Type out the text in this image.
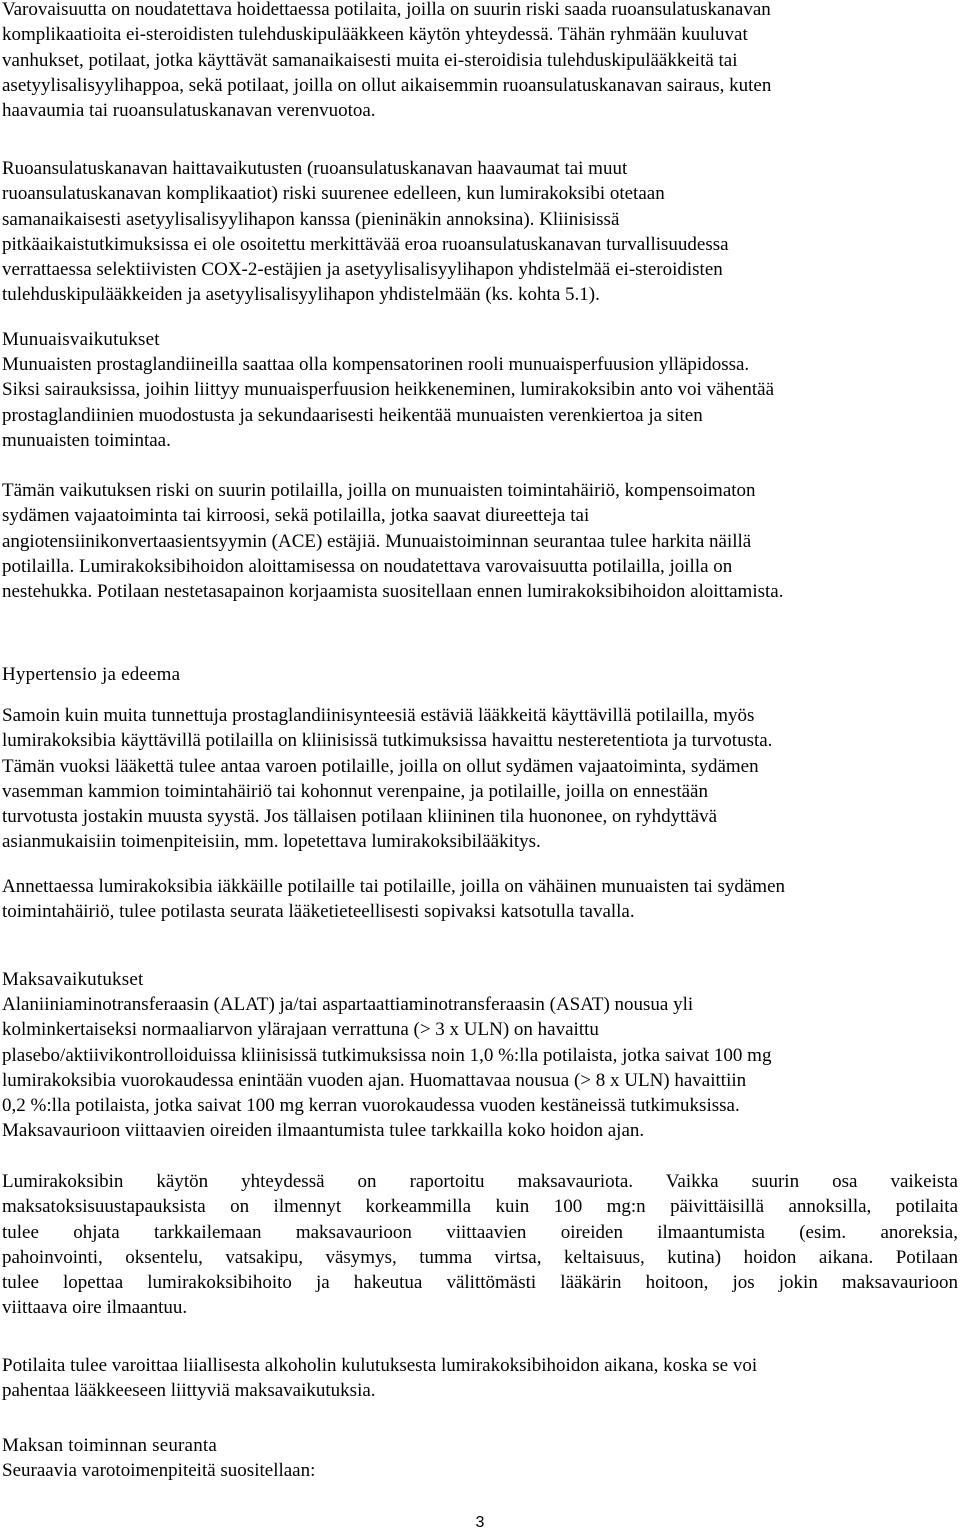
Varovaisuutta on noudatettava hoidettaessa potilaita, joilla on suurin riski saada ruoansulatuskanavan
komplikaatioita ei-steroidisten tulehduskipulääkkeen käytön yhteydessä. Tähän ryhmään kuuluvat
vanhukset, potilaat, jotka käyttävät samanaikaisesti muita ei-steroidisia tulehduskipulääkkeitä tai
asetyylisalisyylihappoa, sekä potilaat, joilla on ollut aikaisemmin ruoansulatuskanavan sairaus, kuten
haavaumia tai ruoansulatuskanavan verenvuotoa.

Ruoansulatuskanavan haittavaikutusten (ruoansulatuskanavan haavaumat tai muut
ruoansulatuskanavan komplikaatiot) riski suurenee edelleen, kun lumirakoksibi otetaan
samanaikaisesti asetyylisalisyylihapon kanssa (pieninäkin annoksina). Kliinisissä
pitkäaikaistutkimuksissa ei ole osoitettu merkittävää eroa ruoansulatuskanavan turvallisuudessa
verrattaessa selektiivisten COX-2-estäjien ja asetyylisalisyylihapon yhdistelmää ei-steroidisten
tulehduskipulääkkeiden ja asetyylisalisyylihapon yhdistelmään (ks. kohta 5.1).

Munuaisvaikutukset

Munuaisten prostaglandiineilla saattaa olla kompensatorinen rooli munuaisperfuusion ylläpidossa.
Siksi sairauksissa, joihin liittyy munuaisperfuusion heikkeneminen, lumirakoksibin anto voi vähentää
prostaglandiinien muodostusta ja sekundaarisesti heikentää munuaisten verenkiertoa ja siten
munuaisten toimintaa.

Tämän vaikutuksen riski on suurin potilailla, joilla on munuaisten toimintahäiriö, kompensoimaton
sydämen vajaatoiminta tai kirroosi, sekä potilailla, jotka saavat diureetteja tai
angiotensiinikonvertaasientsyymin (ACE) estäjiä. Munuaistoiminnan seurantaa tulee harkita näillä
potilailla. Lumirakoksibihoidon aloittamisessa on noudatettava varovaisuutta potilailla, joilla on
nestehukka. Potilaan nestetasapainon korjaamista suositellaan ennen lumirakoksibihoidon aloittamista.

Hypertensio ja edeema

Samoin kuin muita tunnettuja prostaglandiinisynteesiä estäviä lääkkeitä käyttävillä potilailla, myös
lumirakoksibia käyttävillä potilailla on kliinisissä tutkimuksissa havaittu nesteretentiota ja turvotusta.
Tämän vuoksi lääkettä tulee antaa varoen potilaille, joilla on ollut sydämen vajaatoiminta, sydämen
vasemman kammion toimintahäiriö tai kohonnut verenpaine, ja potilaille, joilla on ennestään
turvotusta jostakin muusta syystä. Jos tällaisen potilaan kliininen tila huononee, on ryhdyttävä
asianmukaisiin toimenpiteisiin, mm. lopetettava lumirakoksibilääkitys.

Annettaessa lumirakoksibia iäkkäille potilaille tai potilaille, joilla on vähäinen munuaisten tai sydämen
toimintahäiriö, tulee potilasta seurata lääketieteellisesti sopivaksi katsotulla tavalla.

Maksavaikutukset

Alaniiniaminotransferaasin (ALAT) ja/tai aspartaattiaminotransferaasin (ASAT) nousua yli
kolminkertaiseksi normaaliarvon ylärajaan verrattuna (> 3 x ULN) on havaittu
plasebo/aktiivikontrolloiduissa kliinisissä tutkimuksissa noin 1,0 %:lla potilaista, jotka saivat 100 mg
lumirakoksibia vuorokaudessa enintään vuoden ajan. Huomattavaa nousua (> 8 x ULN) havaittiin
0,2 %:lla potilaista, jotka saivat 100 mg kerran vuorokaudessa vuoden kestäneissä tutkimuksissa.
Maksavaurioon viittaavien oireiden ilmaantumista tulee tarkkailla koko hoidon ajan.

Lumirakoksibin käytön yhteydessä on raportoitu maksavauriota. Vaikka suurin osa vaikeista
maksatoksisuustapauksista on ilmennyt korkeammilla kuin 100 mg:n päivittäisillä annoksilla, potilaita
tulee ohjata tarkkailemaan maksavaurioon viittaavien oireiden ilmaantumista (esim. anoreksia,
pahoinvointi, oksentelu, vatsakipu, väsymys, tumma virtsa, keltaisuus, kutina) hoidon aikana. Potilaan
tulee lopettaa lumirakoksibihoito ja hakeutua välittömästi lääkärin hoitoon, jos jokin maksavaurioon
viittaava oire ilmaantuu.

Potilaita tulee varoittaa liiallisesta alkoholin kulutuksesta lumirakoksibihoidon aikana, koska se voi
pahentaa lääkkeeseen liittyviä maksavaikutuksia.

Maksan toiminnan seuranta

Seuraavia varotoimenpiteitä suositellaan:

3
